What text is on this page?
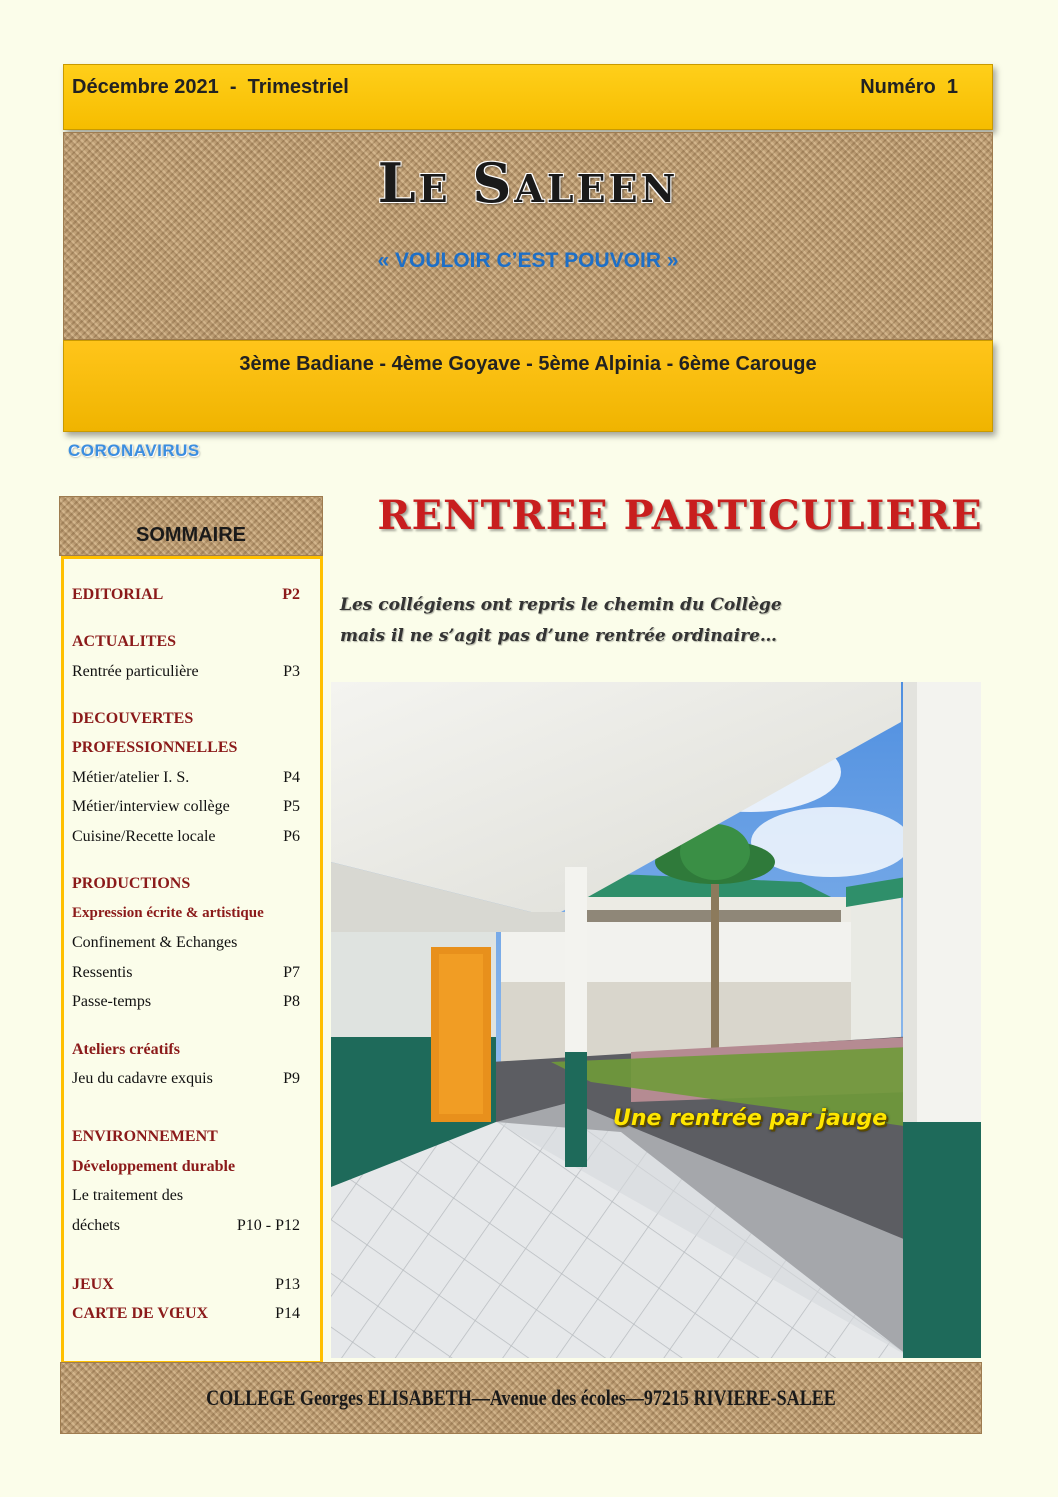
Décembre 2021  -  Trimestriel	Numéro  1
Le Saleen
« VOULOIR C’EST POUVOIR »
3ème Badiane - 4ème Goyave - 5ème Alpinia - 6ème Carouge
CORONAVIRUS
SOMMAIRE
EDITORIAL	P2
ACTUALITES
Rentrée particulière	P3
DECOUVERTES
PROFESSIONNELLES
Métier/atelier I. S.	P4
Métier/interview collège	P5
Cuisine/Recette locale	P6
PRODUCTIONS
Expression écrite & artistique
Confinement & Echanges
Ressentis	P7
Passe-temps	P8
Ateliers créatifs
Jeu du cadavre exquis	P9
ENVIRONNEMENT
Développement durable
Le traitement des
déchets	P10 - P12
JEUX	P13
CARTE DE VŒUX	P14
RENTREE PARTICULIERE
Les collégiens ont repris le chemin du Collège
mais il ne s’agit pas d’une rentrée ordinaire…
Une rentrée par jauge
COLLEGE Georges ELISABETH—Avenue des écoles—97215 RIVIERE-SALEE
